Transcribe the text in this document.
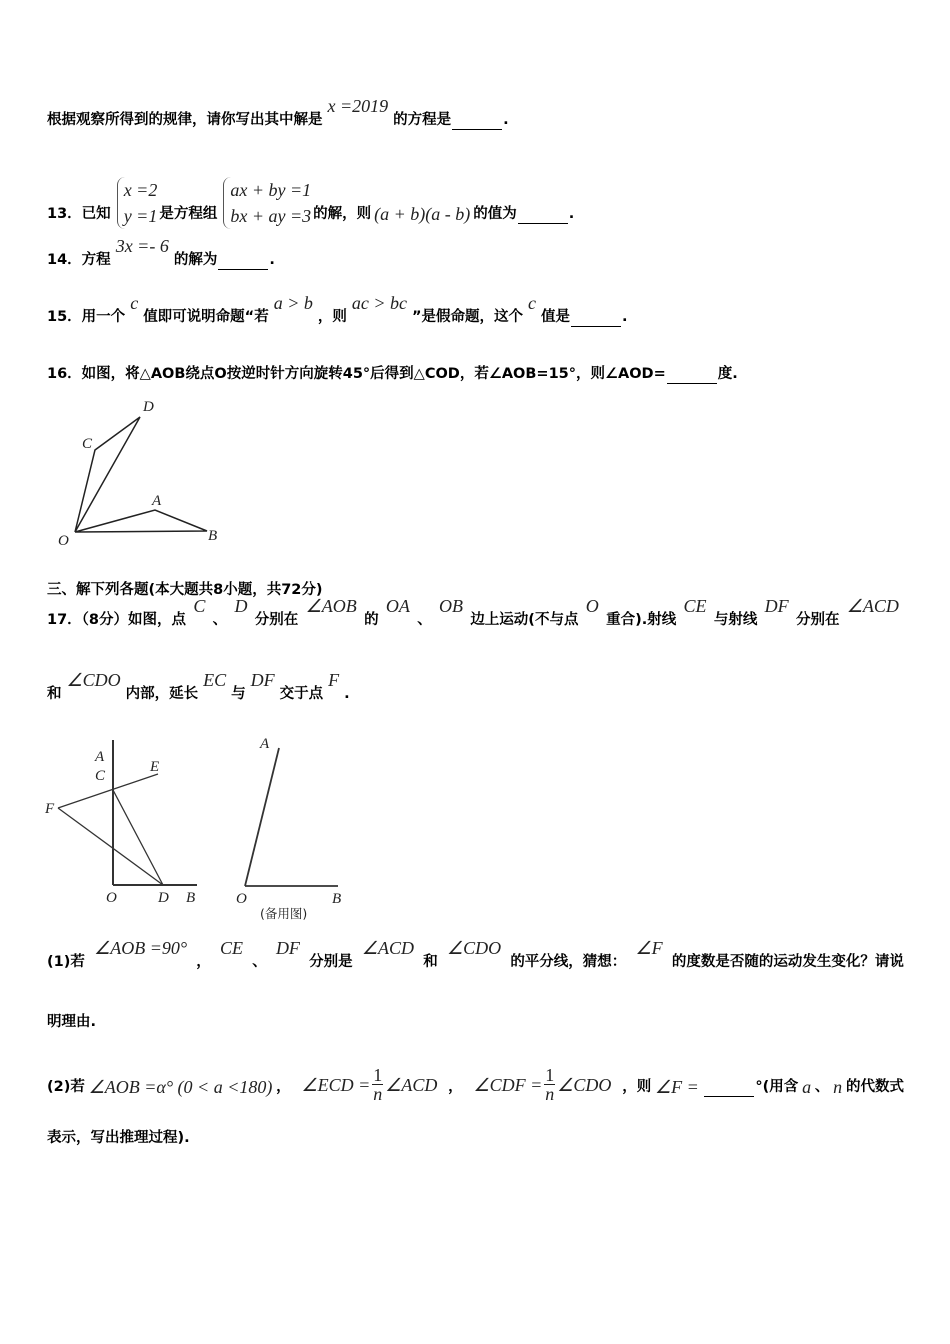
根据观察所得到的规律，请你写出其中解是
x =2019
的方程是	.
13．已知
x =2
y =1 是方程组
ax + by =1
bx + ay =3 的解，则 (a + b)(a - b) 的值为	.
14．方程
3x =- 6
的解为	.
15．用一个
c
值即可说明命题“若
a > b
，则
ac > bc
”是假命题，这个
c
值是	.
16．如图，将△AOB绕点O按逆时针方向旋转45°后得到△COD，若∠AOB=15°，则∠AOD=	度.
三、解下列各题(本大题共8小题，共72分)
17．（8分）如图，点
C
、
D
分别在
∠AOB
的
OA
、
OB
边上运动(不与点
O
重合).射线
CE
与射线
DF
分别在
∠ACD
和
∠CDO
内部，延长
EC
与
DF
交于点
F
.
(1)若
∠AOB =90°
，
CE
、
DF
分别是
∠ACD
和
∠CDO
的平分线，猜想：
∠F
的度数是否随的运动发生变化？请说
明理由.
(2)若 ∠AOB =α° (0 < a <180) ， ∠ECD = $\frac{1}{n}$ ∠ACD ， ∠CDF = $\frac{1}{n}$ ∠CDO ，则 ∠F =	°(用含 a 、 n 的代数式
表示，写出推理过程).
D
C
A
B
O
A
C
E
F
O	D B
A
O	B
(备用图)
